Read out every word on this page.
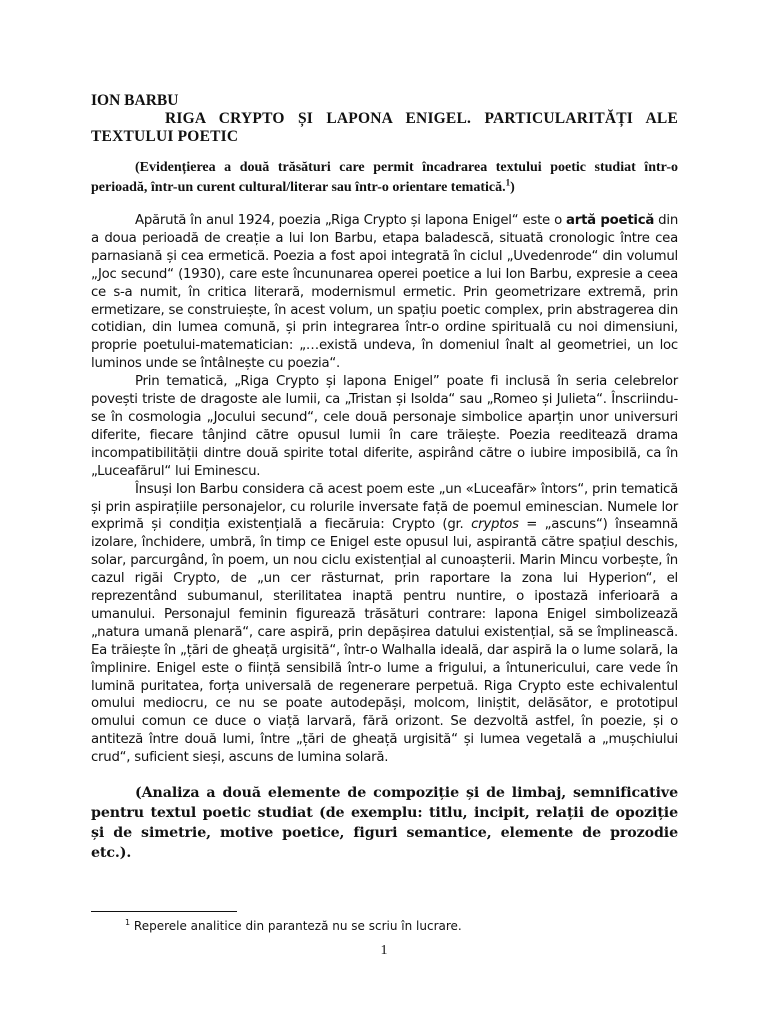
ION BARBU

RIGA CRYPTO ȘI LAPONA ENIGEL. PARTICULARITĂȚI ALE TEXTULUI POETIC

(Evidențierea a două trăsături care permit încadrarea textului poetic studiat într-o perioadă, într-un curent cultural/literar sau într-o orientare tematică.$^1$)

Apărută în anul 1924, poezia „Riga Crypto și lapona Enigel“ este o artă poetică din a doua perioadă de creație a lui Ion Barbu, etapa baladescă, situată cronologic între cea parnasiană și cea ermetică. Poezia a fost apoi integrată în ciclul „Uvedenrode“ din volumul „Joc secund“ (1930), care este încununarea operei poetice a lui Ion Barbu, expresie a ceea ce s-a numit, în critica literară, modernismul ermetic. Prin geometrizare extremă, prin ermetizare, se construiește, în acest volum, un spațiu poetic complex, prin abstragerea din cotidian, din lumea comună, și prin integrarea într-o ordine spirituală cu noi dimensiuni, proprie poetului-matematician: „…există undeva, în domeniul înalt al geometriei, un loc luminos unde se întâlnește cu poezia“.

Prin tematică, „Riga Crypto și lapona Enigel” poate fi inclusă în seria celebrelor povești triste de dragoste ale lumii, ca „Tristan și Isolda“ sau „Romeo și Julieta“. Înscriindu-se în cosmologia „Jocului secund“, cele două personaje simbolice aparțin unor universuri diferite, fiecare tânjind către opusul lumii în care trăiește. Poezia reeditează drama incompatibilității dintre două spirite total diferite, aspirând către o iubire imposibilă, ca în „Luceafărul“ lui Eminescu.

Însuși Ion Barbu considera că acest poem este „un «Luceafăr» întors“, prin tematică și prin aspirațiile personajelor, cu rolurile inversate față de poemul eminescian. Numele lor exprimă și condiția existențială a fiecăruia: Crypto (gr. cryptos = „ascuns“) înseamnă izolare, închidere, umbră, în timp ce Enigel este opusul lui, aspirantă către spațiul deschis, solar, parcurgând, în poem, un nou ciclu existențial al cunoașterii. Marin Mincu vorbește, în cazul rigăi Crypto, de „un cer răsturnat, prin raportare la zona lui Hyperion“, el reprezentând subumanul, sterilitatea inaptă pentru nuntire, o ipostază inferioară a umanului. Personajul feminin figurează trăsături contrare: lapona Enigel simbolizează „natura umană plenară“, care aspiră, prin depășirea datului existențial, să se împlinească. Ea trăiește în „țări de gheață urgisită“, într-o Walhalla ideală, dar aspiră la o lume solară, la împlinire. Enigel este o ființă sensibilă într-o lume a frigului, a întunericului, care vede în lumină puritatea, forța universală de regenerare perpetuă. Riga Crypto este echivalentul omului mediocru, ce nu se poate autodepăși, molcom, liniștit, delăsător, e prototipul omului comun ce duce o viață larvară, fără orizont. Se dezvoltă astfel, în poezie, și o antiteză între două lumi, între „țări de gheață urgisită“ și lumea vegetală a „mușchiului crud“, suficient sieși, ascuns de lumina solară.

(Analiza a două elemente de compoziție și de limbaj, semnificative pentru textul poetic studiat (de exemplu: titlu, incipit, relații de opoziție și de simetrie, motive poetice, figuri semantice, elemente de prozodie etc.).

$^1$ Reperele analitice din paranteză nu se scriu în lucrare.
1
